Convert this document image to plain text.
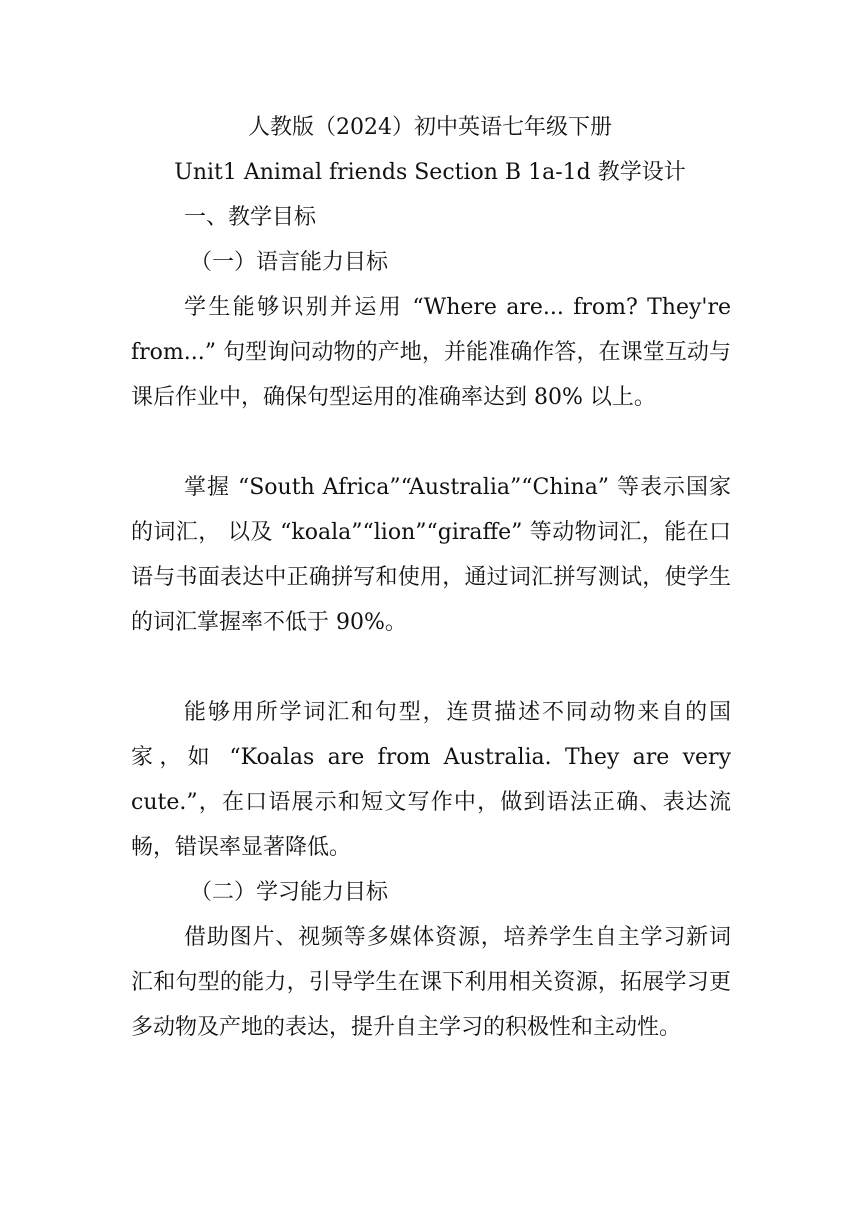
人教版（2024）初中英语七年级下册
Unit1 Animal friends Section B 1a-1d 教学设计
一、教学目标
（一）语言能力目标

学生能够识别并运用 “Where are... from? They're from...” 句型询问动物的产地，并能准确作答，在课堂互动与课后作业中，确保句型运用的准确率达到 80% 以上。

掌握 “South Africa”“Australia”“China” 等表示国家的词汇， 以及 “koala”“lion”“giraffe” 等动物词汇，能在口语与书面表达中正确拼写和使用，通过词汇拼写测试，使学生的词汇掌握率不低于 90%。

能够用所学词汇和句型，连贯描述不同动物来自的国家，如 “Koalas are from Australia. They are very cute.”，在口语展示和短文写作中，做到语法正确、表达流畅，错误率显著降低。

（二）学习能力目标

借助图片、视频等多媒体资源，培养学生自主学习新词汇和句型的能力，引导学生在课下利用相关资源，拓展学习更多动物及产地的表达，提升自主学习的积极性和主动性。
